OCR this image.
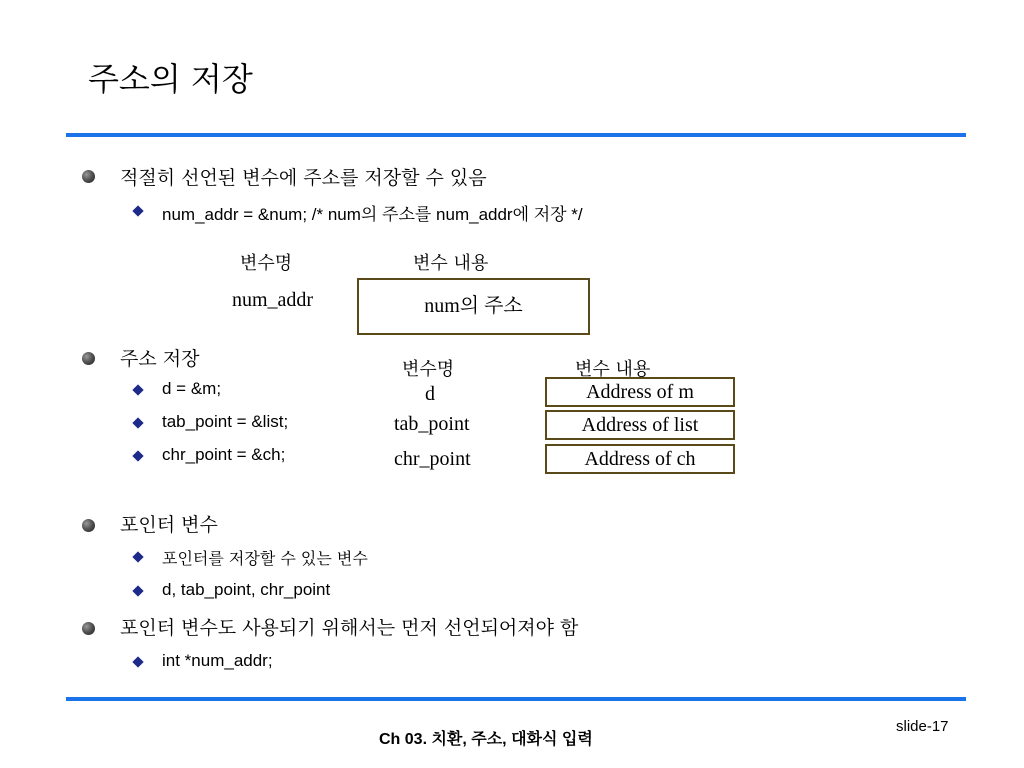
주소의 저장
적절히 선언된 변수에 주소를 저장할 수 있음
num_addr = &num; /* num의 주소를 num_addr에 저장 */
변수명	변수 내용
num_addr	num의 주소
주소 저장
d = &m;
tab_point = &list;
chr_point = &ch;
변수명	변수 내용
d	Address of m
tab_point	Address of list
chr_point	Address of ch
포인터 변수
포인터를 저장할 수 있는 변수
d, tab_point, chr_point
포인터 변수도 사용되기 위해서는 먼저 선언되어져야 함
int *num_addr;
Ch 03. 치환, 주소, 대화식 입력
slide-17
